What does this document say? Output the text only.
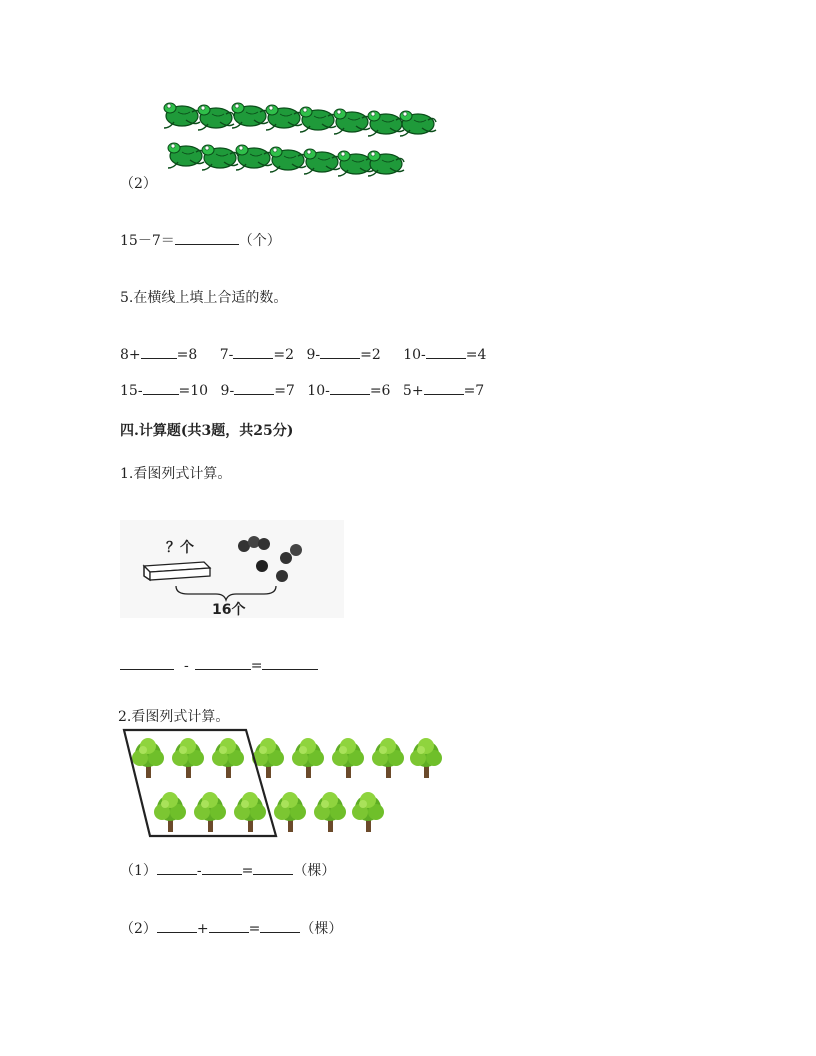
（2）
15－7＝	（个）
5.在横线上填上合适的数。
8+	=8 7-	=2 9-	=2 10-	=4
15-	=10 9-	=7 10-	=6 5+	=7
四.计算题(共3题，共25分)
1.看图列式计算。
？个
16个
-	=
2.看图列式计算。
（1）	-	=	（棵）
（2）	+	=	（棵）
